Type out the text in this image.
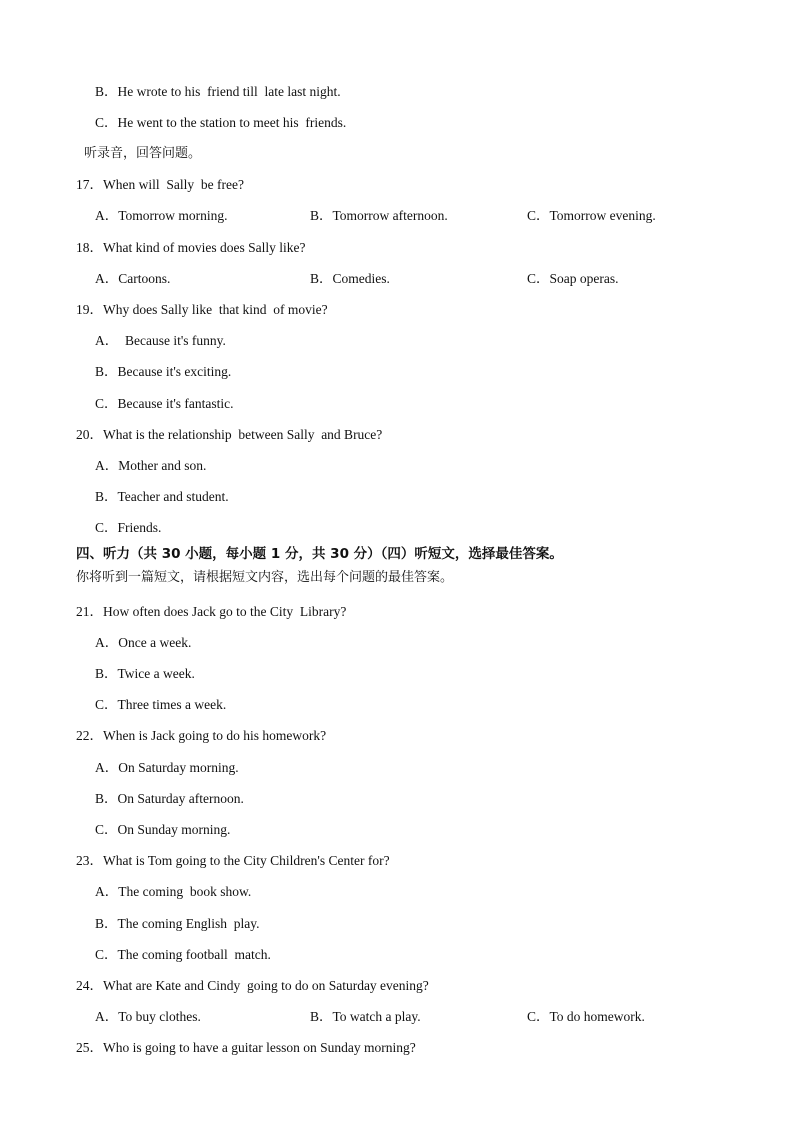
B．He wrote to his  friend till  late last night.
C．He went to the station to meet his  friends.
听录音，回答问题。
17．When will  Sally  be free?
A．Tomorrow morning.	B．Tomorrow afternoon.	C．Tomorrow evening.
18．What kind of movies does Sally like?
A．Cartoons.	B．Comedies.	C．Soap operas.
19．Why does Sally like  that kind  of movie?
A．  Because it's funny.
B．Because it's exciting.
C．Because it's fantastic.
20．What is the relationship  between Sally  and Bruce?
A．Mother and son.
B．Teacher and student.
C．Friends.
四、听力（共 30 小题，每小题 1 分，共 30 分）（四）听短文，选择最佳答案。
你将听到一篇短文，请根据短文内容，选出每个问题的最佳答案。
21．How often does Jack go to the City  Library?
A．Once a week.
B．Twice a week.
C．Three times a week.
22．When is Jack going to do his homework?
A．On Saturday morning.
B．On Saturday afternoon.
C．On Sunday morning.
23．What is Tom going to the City Children's Center for?
A．The coming  book show.
B．The coming English  play.
C．The coming football  match.
24．What are Kate and Cindy  going to do on Saturday evening?
A．To buy clothes.	B．To watch a play.	C．To do homework.
25．Who is going to have a guitar lesson on Sunday morning?
